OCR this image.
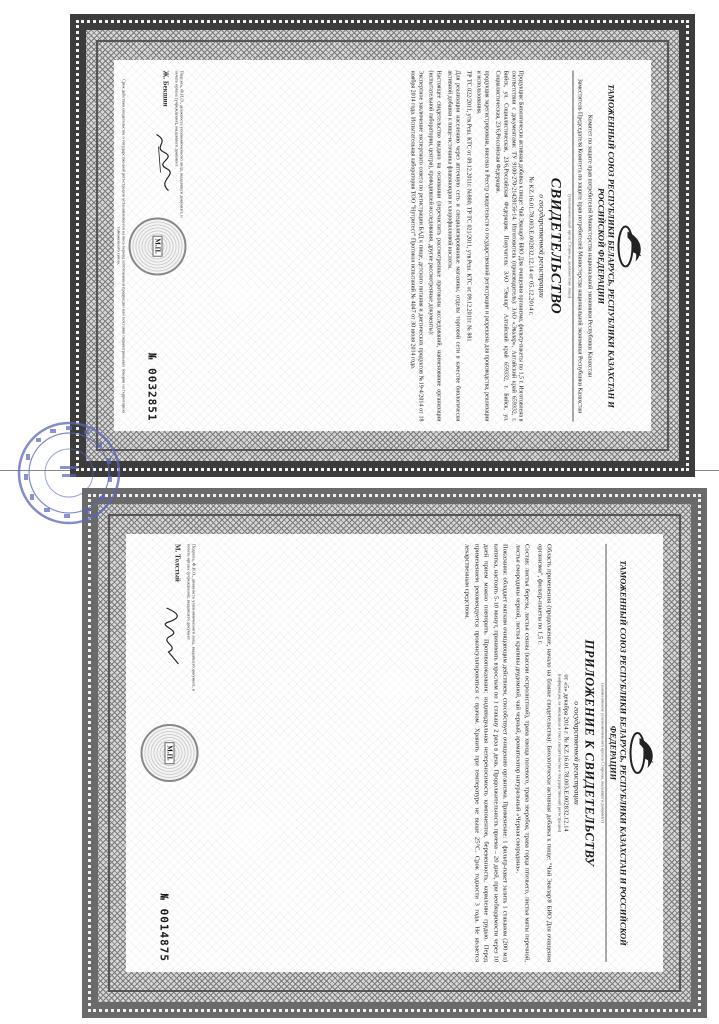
ТАМОЖЕННЫЙ СОЮЗ РЕСПУБЛИКИ БЕЛАРУСЬ, РЕСПУБЛИКИ КАЗАХСТАН И РОССИЙСКОЙ ФЕДЕРАЦИИ
Комитет по защите прав потребителей Министерства национальной экономики Республики Казахстан
Заместитель Председателя Комитета по защите прав потребителей Министерства национальной экономики Республики Казахстан
(уполномоченный орган Стороны, должностное лицо)
СВИДЕТЕЛЬСТВО
о государственной регистрации
№ KZ.16.01.78.003.Е.002832.12.14 от 05.12.2014 г.

Продукция: Биологически активная добавка к пище: Чай Эвалар® БИО Для очищения организма, фильтр-пакеты по 1,5 г. Изготовлена в соответствии с документами: ТУ 9100-270-21428156-14. Изготовитель (производитель): ЗАО «Эвалар», Алтайский край 659332, г. Бийск, ул. Социалистическая, 23/6,Российская Федерация. Получатель: ЗАО "Эвалар" Алтайский край 659332, г. Бийск, ул. Социалистическая, 23/6,Российская Федерация.

продукция зарегистрирована, внесена в Реестр свидетельств о государственной регистрации и разрешена для производства, реализации и использования.

ТР ТС 022/2011, утв.Реш. КТС от 09.12.2011г. №880; ТР ТС 021/2011, утв.Реш. КТС от 09.12.2011г. № 881

Для реализации населению через аптечную сеть и специализированные магазины, отделы торговой сети в качестве биологически активной добавки к пище-источника флавоноидов и хлорофилловой кислоты.

Настоящее свидетельство выдано на основании (перечислить рассмотренные протоколы исследований, наименование организации (испытательной лаборатории, центра), проводившей исследования, другие рассмотренные документы):

Экспертное заключение экспертного совета по регистрации БАД к пище, детского питания и диетических продуктов №19-4/2014 от 18 ноября 2014 года. Испытательная лаборатория ТОО "Нутритест" Протокол испытаний № 4047 от 30 июля 2014 года.

Подпись, Ф.И.О., должность уполномоченного лица, выдавшего документ, и печать органа (учреждения), выдавшего документ
Ж. Бекшин
М.П.
№ 0032851
Срок действия свидетельства о государственной регистрации устанавливается на весь период изготовления продукции или поставок подконтрольных товаров на территорию таможенного союза.
ТАМОЖЕННЫЙ СОЮЗ РЕСПУБЛИКИ БЕЛАРУСЬ, РЕСПУБЛИКИ КАЗАХСТАН И РОССИЙСКОЙ ФЕДЕРАЦИИ
(наименование уполномоченного органа Стороны, выдавшего документ)
ПРИЛОЖЕНИЕ К СВИДЕТЕЛЬСТВУ
о государственной регистрации
от «5» декабря 2014 г. № KZ.16.01.78.003.Е.002832.12.14
(информация, не вошедшая в текст свидетельства о государственной регистрации)

Область применения (продолжение, начало на бланке свидетельства): Биологически активная добавка к пище: "Чай Эвалар® БИО Для очищения организма", фильтр-пакеты по 1,5 г.

Состав: листья березы, листья сенны (кассии остролистной), трава хвоща полевого, трава зверобоя, трава горца птичьего, листья мяты перечной, листья смородины черной, листья крапивы двудомной, чай черный, ароматизатор натуральный «Черная смородина».

Показания: обладает мягким очищающим действием, способствует очищению организма. Применение: 1 фильтр-пакет залить 1 стаканом (200 мл) кипятка, настоять 5-10 минут, принимать взрослым по 1 стакану 2 раза в день. Продолжительность приема – 20 дней, при необходимости через 10 дней прием можно повторить. Противопоказания: индивидуальная непереносимость компонентов, беременность, кормление грудью. Перед применением рекомендуется проконсультироваться с врачом. Хранить при температуре не выше 25°С. Срок годности 3 года. Не является лекарственным средством.

Подпись, Ф.И.О., должность уполномоченного лица, выдавшего документ, и печать органа (учреждения), выдавшего документ
М. Толстый
М.П.
№ 0014875
